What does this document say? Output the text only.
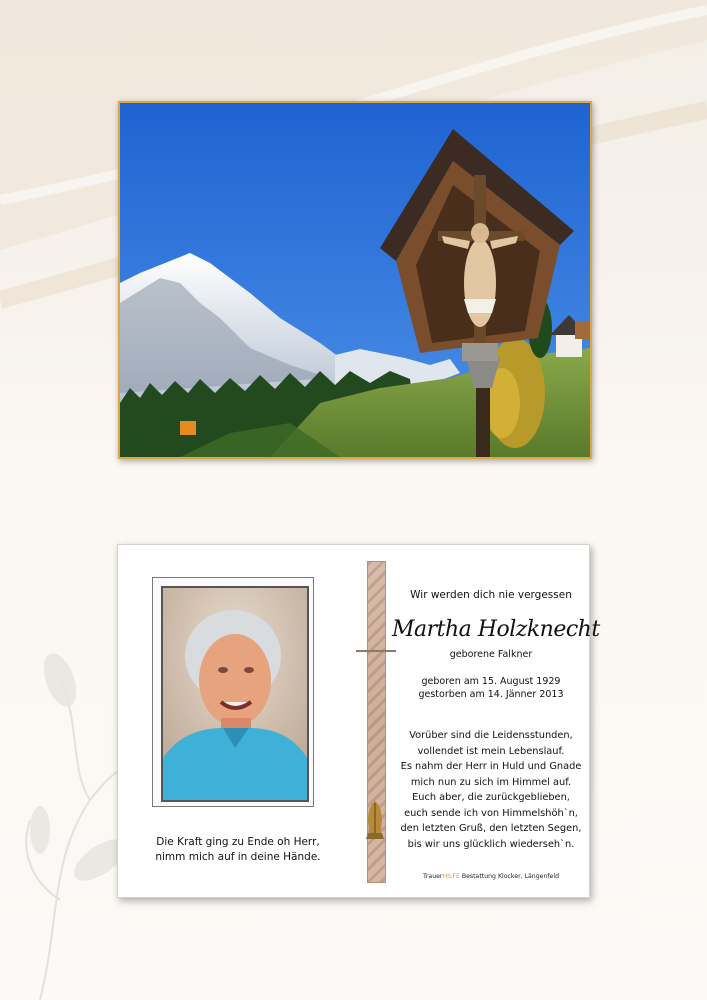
Die Kraft ging zu Ende oh Herr,
nimm mich auf in deine Hände.
Wir werden dich nie vergessen
Martha Holzknecht
geborene Falkner
geboren am 15. August 1929
gestorben am 14. Jänner 2013
Vorüber sind die Leidensstunden,
vollendet ist mein Lebenslauf.
Es nahm der Herr in Huld und Gnade
mich nun zu sich im Himmel auf.
Euch aber, die zurückgeblieben,
euch sende ich von Himmelshöh`n,
den letzten Gruß, den letzten Segen,
bis wir uns glücklich wiederseh`n.
TrauerHILFE Bestattung Klocker, Längenfeld
